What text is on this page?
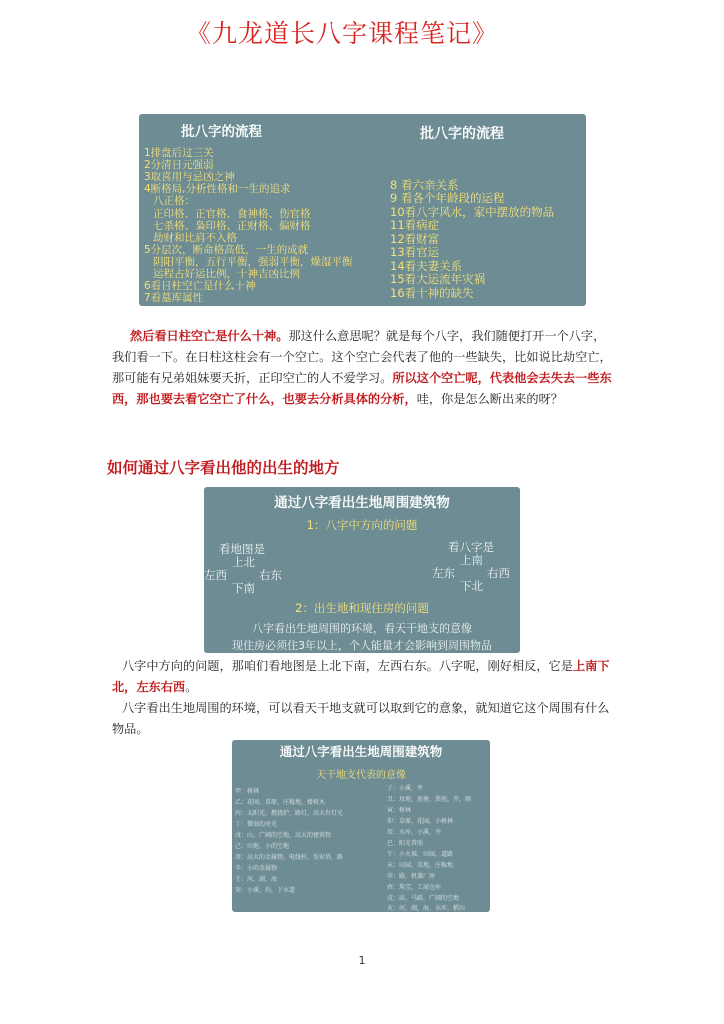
《九龙道长八字课程笔记》
批八字的流程	批八字的流程
1排盘后过三关
2分清日元强弱
3取喜用与忌凶之神
4断格局,分析性格和一生的追求
八正格：
正印格、正官格、食神格、伤官格
七杀格、枭印格、正财格、偏财格
劫财和比肩不入格
5分层次，断命格高低，一生的成就
阴阳平衡，五行平衡，强弱平衡，燥湿平衡
运程占好运比例，十神吉凶比例
6看日柱空亡是什么十神
7看墓库属性
8 看六亲关系
9 看各个年龄段的运程
10看八字风水，家中摆放的物品
11看病症
12看财富
13看官运
14看夫妻关系
15看大运流年灾祸
16看十神的缺失
然后看日柱空亡是什么十神。那这什么意思呢？就是每个八字，我们随便打开一个八字，我们看一下。在日柱这柱会有一个空亡。这个空亡会代表了他的一些缺失，比如说比劫空亡，那可能有兄弟姐妹要夭折，正印空亡的人不爱学习。所以这个空亡呢，代表他会去失去一些东西，那也要去看它空亡了什么，也要去分析具体的分析，哇，你是怎么断出来的呀？
如何通过八字看出他的出生的地方
通过八字看出生地周围建筑物
1：八字中方向的问题
看地图是
上北
左西	右东
下南
看八字是
上南
左东	右西
下北
2：出生地和现住房的问题
八字看出生地周围的环境，看天干地支的意像
现住房必须住3年以上，个人能量才会影响到周围物品
八字中方向的问题，那咱们看地图是上北下南，左西右东。八字呢，刚好相反，它是上南下北，左东右西。
八字看出生地周围的环境，可以看天干地支就可以取到它的意象，就知道它这个周围有什么物品。
通过八字看出生地周围建筑物
天干地支代表的意像
甲：树林
乙：花园，草原，庄稼地，楼树木
丙：太阳光，燃烧炉，路灯，高大有灯光
丁：微弱的亮光
戊：山，广阔的空地，高大的建筑物
己：田地，小的空地
庚：高大的金属物，电线杆，发射塔，路
辛：小的金属物
壬：河，湖，海
癸：小溪，沟，下水道
子：小溪，井
丑：坟地，池塘，粪池，井，厕
寅：树林
卯：草原，花园，小树林
辰：水库，小溪，井
巳：阳光普照
午：小火堆，田园，道路
未：田园，草地，庄稼地
申：路，机器厂房
酉：珠宝，工商仓库
戌：庙，马路，广阔的空地
亥：河，湖，海，水库，稻田
1
